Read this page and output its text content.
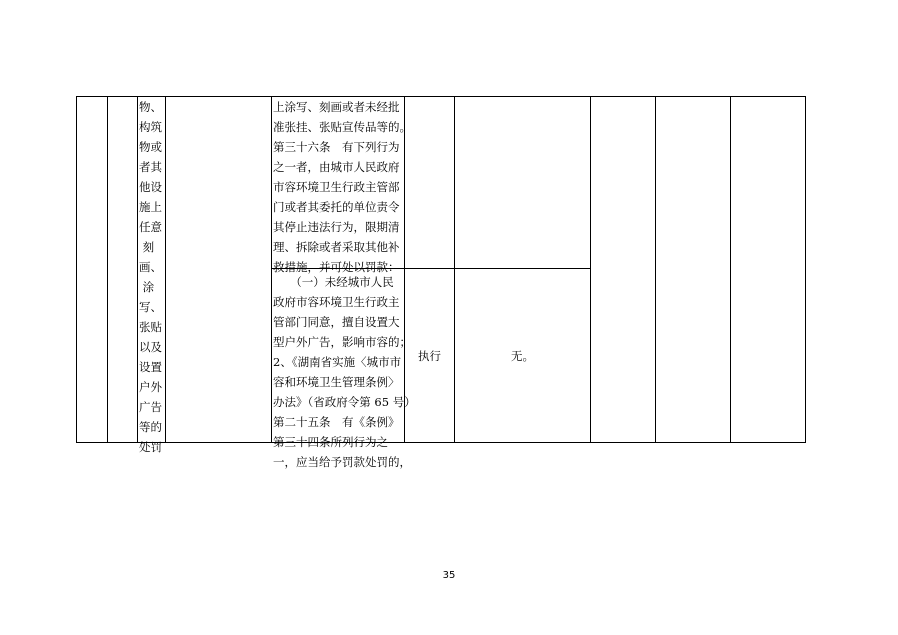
物、
构筑
物或
者其
他设
施上
任意
刻
画、
涂
写、
张贴
以及
设置
户外
广告
等的
处罚
上涂写、刻画或者未经批
准张挂、张贴宣传品等的。
第三十六条　有下列行为
之一者，由城市人民政府
市容环境卫生行政主管部
门或者其委托的单位责令
其停止违法行为，限期清
理、拆除或者采取其他补
救措施，并可处以罚款：
　　（一）未经城市人民
政府市容环境卫生行政主
管部门同意，擅自设置大
型户外广告，影响市容的；
2、《湖南省实施〈城市市
容和环境卫生管理条例〉
办法》（省政府令第 65 号）
第二十五条　有《条例》
第三十四条所列行为之
一，应当给予罚款处罚的，
执行	无。
35
